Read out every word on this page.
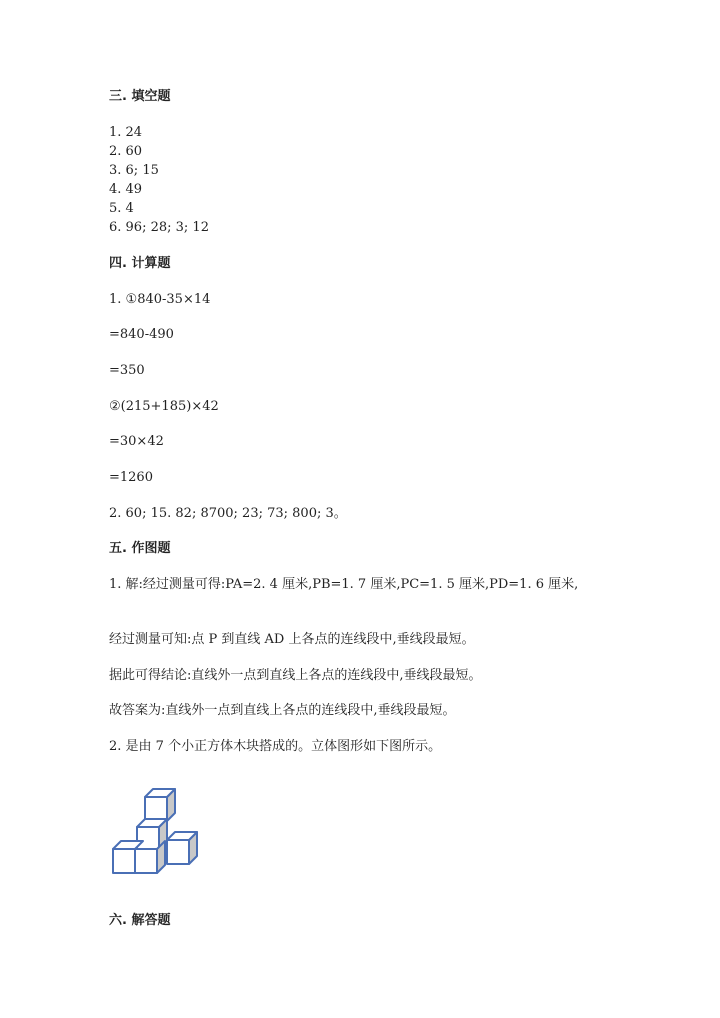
三. 填空题
1. 24
2. 60
3. 6; 15
4. 49
5. 4
6. 96; 28; 3; 12
四. 计算题
1. ①840-35×14
=840-490
=350
②(215+185)×42
=30×42
=1260
2. 60; 15. 82; 8700; 23; 73; 800; 3。
五. 作图题
1. 解:经过测量可得:PA=2. 4 厘米,PB=1. 7 厘米,PC=1. 5 厘米,PD=1. 6 厘米,
经过测量可知:点 P 到直线 AD 上各点的连线段中,垂线段最短。
据此可得结论:直线外一点到直线上各点的连线段中,垂线段最短。
故答案为:直线外一点到直线上各点的连线段中,垂线段最短。
2. 是由 7 个小正方体木块搭成的。立体图形如下图所示。
六. 解答题
